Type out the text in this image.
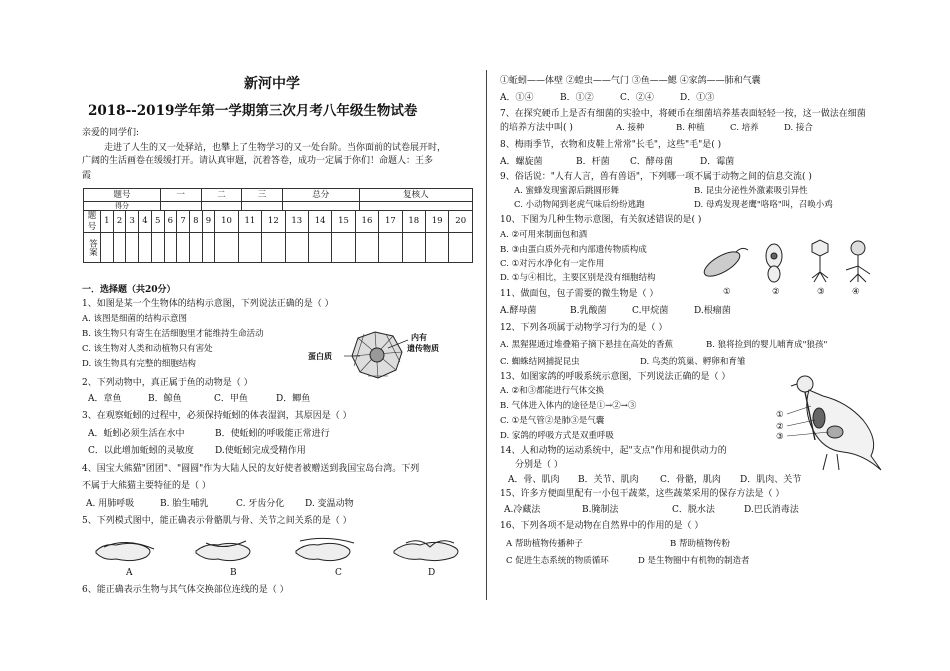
新河中学
2018--2019学年第一学期第三次月考八年级生物试卷
亲爱的同学们:
走进了人生的又一处驿站，也攀上了生物学习的又一处台阶。当你面前的试卷展开时，
广阔的生活画卷在缓缓打开。请认真审题，沉着答卷，成功一定属于你们！命题人：王多
霞
题号	一	二	三	总分	复核人
得分					
题号	1	2	3	4	5	6	7	8	9	10	11	12	13	14	15	16	17	18	19	20
答案																				
一．选择题（共20分）
1、如图是某一个生物体的结构示意图，下列说法正确的是（ ）
A. 该图是细菌的结构示意图
B. 该生物只有寄生在活细胞里才能维持生命活动
C. 该生物对人类和动植物只有害处
D. 该生物具有完整的细胞结构
内有
遗传物质
蛋白质
2、下列动物中，真正属于鱼的动物是（ ）
A．章鱼	B．鲸鱼	C．甲鱼	D．鲫鱼
3、在观察蚯蚓的过程中，必须保持蚯蚓的体表湿润，其原因是（ ）
A．蚯蚓必须生活在水中	B．使蚯蚓的呼吸能正常进行
C．以此增加蚯蚓的灵敏度 D.使蚯蚓完成受精作用
4、国宝大熊猫"团团"、"圆圆"作为大陆人民的友好使者被赠送到我国宝岛台湾。下列
不属于大熊猫主要特征的是（ ）
A. 用肺呼吸	B. 胎生哺乳	C. 牙齿分化 D. 变温动物
5、下列模式图中，能正确表示骨骼肌与骨、关节之间关系的是（ ）
A	B	C	D
6、能正确表示生物与其气体交换部位连线的是（ ）
①蚯蚓——体壁 ②蝗虫——气门 ③鱼——鳃 ④家鸽——肺和气囊
A．①④	B．①②	C．②④	D．①③
7、在探究硬币上是否有细菌的实验中，将硬币在细菌培养基表面轻轻一按，这一做法在细菌
的培养方法中叫( )	A. 接种	B. 种植	C. 培养	D. 接合
8、梅雨季节，衣物和皮鞋上常常"长毛"，这些"毛"是( )
A．螺旋菌	B．杆菌 C．酵母菌	D．霉菌
9、俗话说："人有人言，兽有兽语"，下列哪一项不属于动物之间的信息交流( )
A. 蜜蜂发现蜜源后跳圆形舞	B. 昆虫分泌性外激素吸引异性
C. 小动物闻到老虎气味后纷纷逃跑	D. 母鸡发现老鹰"咯咯"叫，召唤小鸡
10、下图为几种生物示意图，有关叙述错误的是( )
A. ②可用来制面包和酒
B. ③由蛋白质外壳和内部遗传物质构成
C. ①对污水净化有一定作用
D. ①与④相比，主要区别是没有细胞结构
①	②	③	④
11、做面包，包子需要的微生物是（ ）
A.酵母菌	B.乳酸菌	C.甲烷菌	D.根瘤菌
12、下列各项属于动物学习行为的是（ ）
A. 黑猩猩通过堆叠箱子摘下悬挂在高处的香蕉	B. 狼将捡到的婴儿哺育成"狼孩"
C. 蜘蛛结网捕捉昆虫	D. 鸟类的筑巢、孵卵和育雏
13、如图家鸽的呼吸系统示意图，下列说法正确的是（ ）
A. ②和③都能进行气体交换
B. 气体进入体内的途径是①→②→③
C. ①是气管②是肺③是气囊
D. 家鸽的呼吸方式是双重呼吸
①
②
③
14、人和动物的运动系统中，起"支点"作用和提供动力的
分别是（ ）
A．骨、肌肉 B．关节、肌肉 C．骨骼，肌肉 D．肌肉、关节
15、许多方便面里配有一小包干蔬菜，这些蔬菜采用的保存方法是（ ）
A.冷藏法	B.腌制法	C．脱水法	D.巴氏消毒法
16、下列各项不是动物在自然界中的作用的是（ ）
A 帮助植物传播种子	B 帮助植物传粉
C 促进生态系统的物质循环	D 是生物圈中有机物的制造者
